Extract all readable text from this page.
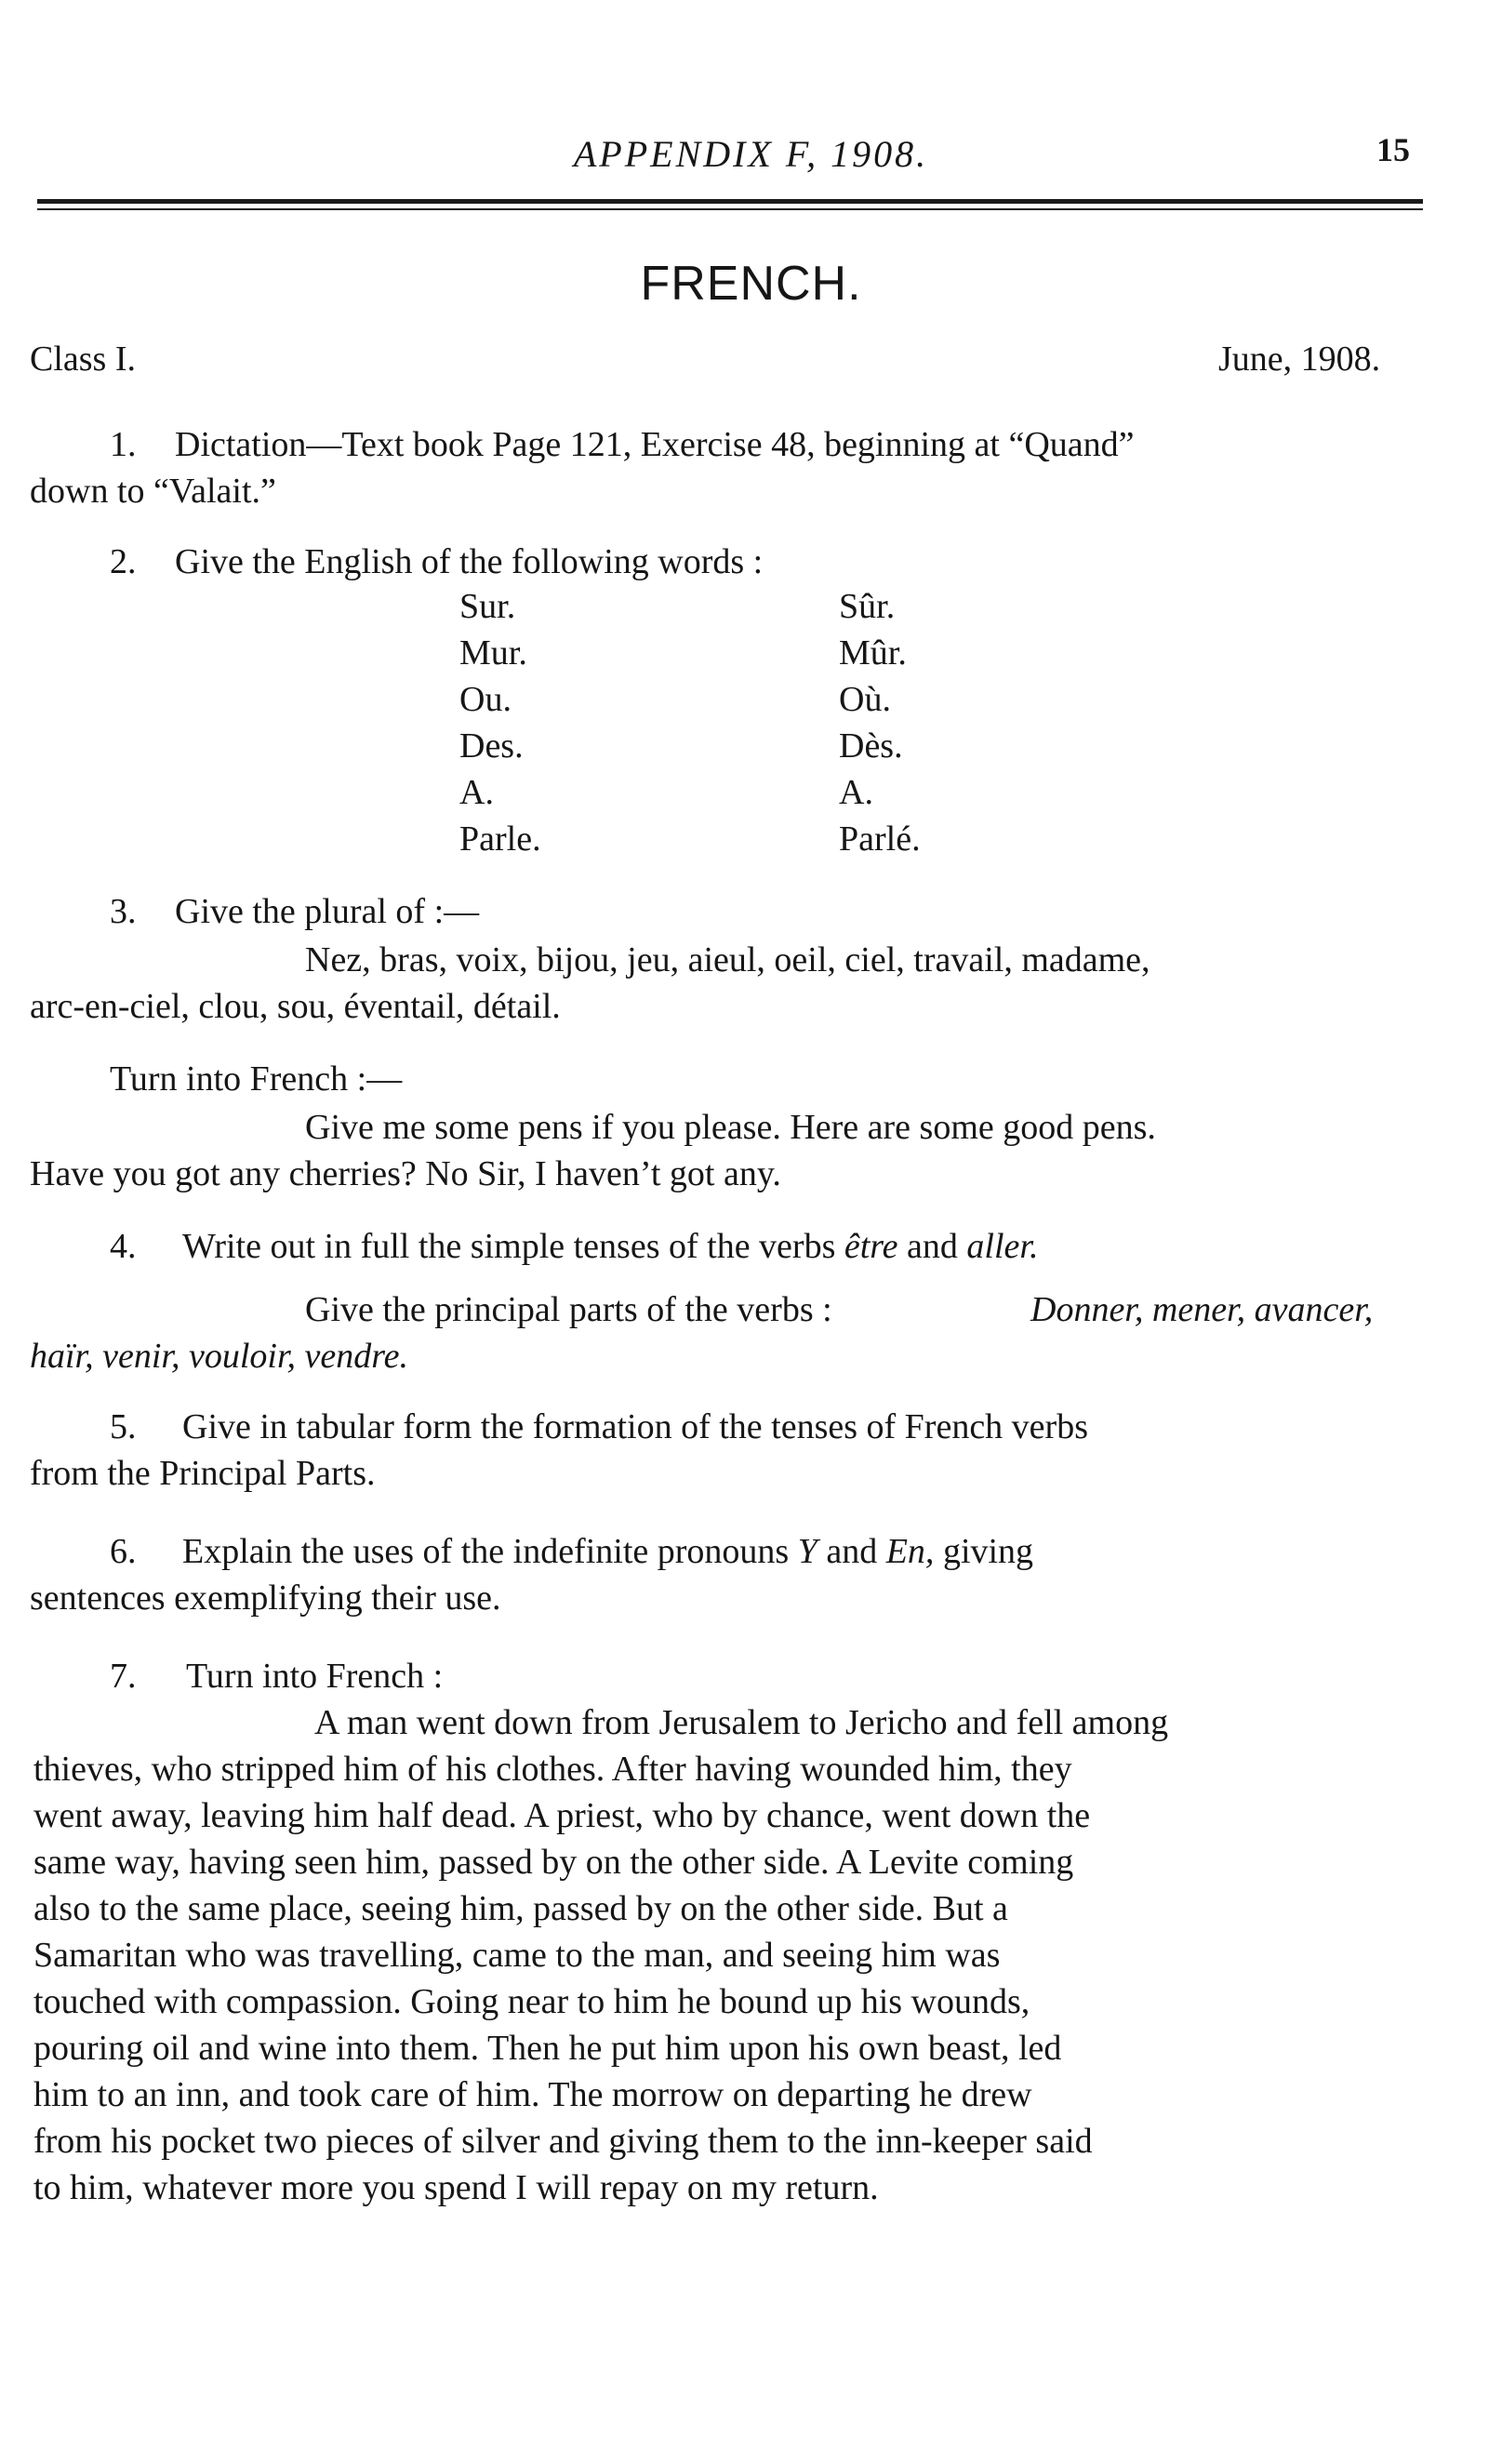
APPENDIX F, 1908.	15
FRENCH.
Class I.	June, 1908.
1. Dictation—Text book Page 121, Exercise 48, beginning at “Quand”
down to “Valait.”
2. Give the English of the following words :
Sur.	Sûr.
Mur.	Mûr.
Ou.	Où.
Des.	Dès.
A.	A.
Parle.	Parlé.
3. Give the plural of :—
Nez, bras, voix, bijou, jeu, aieul, oeil, ciel, travail, madame,
arc-en-ciel, clou, sou, éventail, détail.
Turn into French :—
Give me some pens if you please. Here are some good pens.
Have you got any cherries? No Sir, I haven’t got any.
4. Write out in full the simple tenses of the verbs être and aller.
Give the principal parts of the verbs :	Donner, mener, avancer,
haïr, venir, vouloir, vendre.
5. Give in tabular form the formation of the tenses of French verbs
from the Principal Parts.
6. Explain the uses of the indefinite pronouns Y and En, giving
sentences exemplifying their use.
7. Turn into French :
A man went down from Jerusalem to Jericho and fell among
thieves, who stripped him of his clothes. After having wounded him, they
went away, leaving him half dead. A priest, who by chance, went down the
same way, having seen him, passed by on the other side. A Levite coming
also to the same place, seeing him, passed by on the other side. But a
Samaritan who was travelling, came to the man, and seeing him was
touched with compassion. Going near to him he bound up his wounds,
pouring oil and wine into them. Then he put him upon his own beast, led
him to an inn, and took care of him. The morrow on departing he drew
from his pocket two pieces of silver and giving them to the inn-keeper said
to him, whatever more you spend I will repay on my return.
